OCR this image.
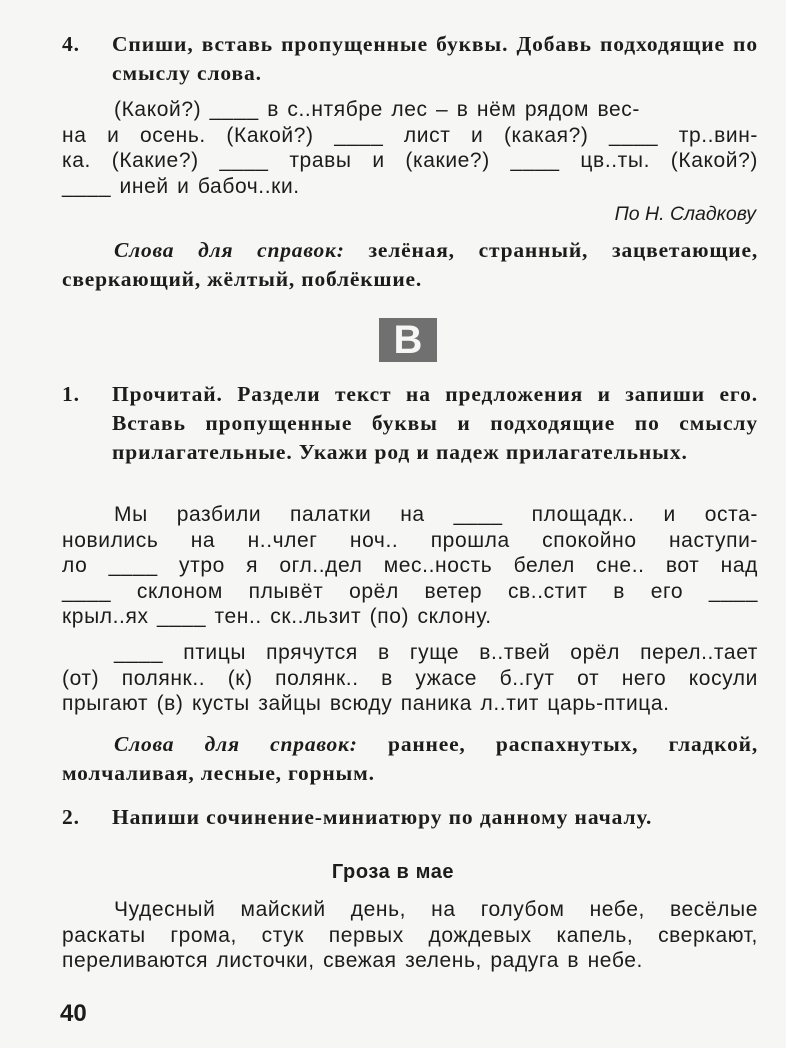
4.	Спиши, вставь пропущенные буквы. Добавь подходящие по смыслу слова.
(Какой?) ____ в с..нтябре лес – в нём рядом вес-
на и осень. (Какой?) ____ лист и (какая?) ____ тр..вин-
ка. (Какие?) ____ травы и (какие?) ____ цв..ты. (Какой?)
____ иней и бабоч..ки.
По Н. Сладкову
Слова для справок: зелёная, странный, зацветающие, сверкающий, жёлтый, поблёкшие.
В
1.	Прочитай. Раздели текст на предложения и запиши его. Вставь пропущенные буквы и подходящие по смыслу прилагательные. Укажи род и падеж прилагательных.
Мы разбили палатки на ____ площадк.. и оста-
новились на н..члег ноч.. прошла спокойно наступи-
ло ____ утро я огл..дел мес..ность белел сне.. вот над
____ склоном плывёт орёл ветер св..стит в его ____
крыл..ях ____ тен.. ск..льзит (по) склону.
____ птицы прячутся в гуще в..твей орёл перел..тает
(от) полянк.. (к) полянк.. в ужасе б..гут от него косули
прыгают (в) кусты зайцы всюду паника л..тит царь-птица.
Слова для справок: раннее, распахнутых, гладкой, молчаливая, лесные, горным.
2.	Напиши сочинение-миниатюру по данному началу.
Гроза в мае
Чудесный майский день, на голубом небе, весёлые
раскаты грома, стук первых дождевых капель, сверкают,
переливаются листочки, свежая зелень, радуга в небе.
40
